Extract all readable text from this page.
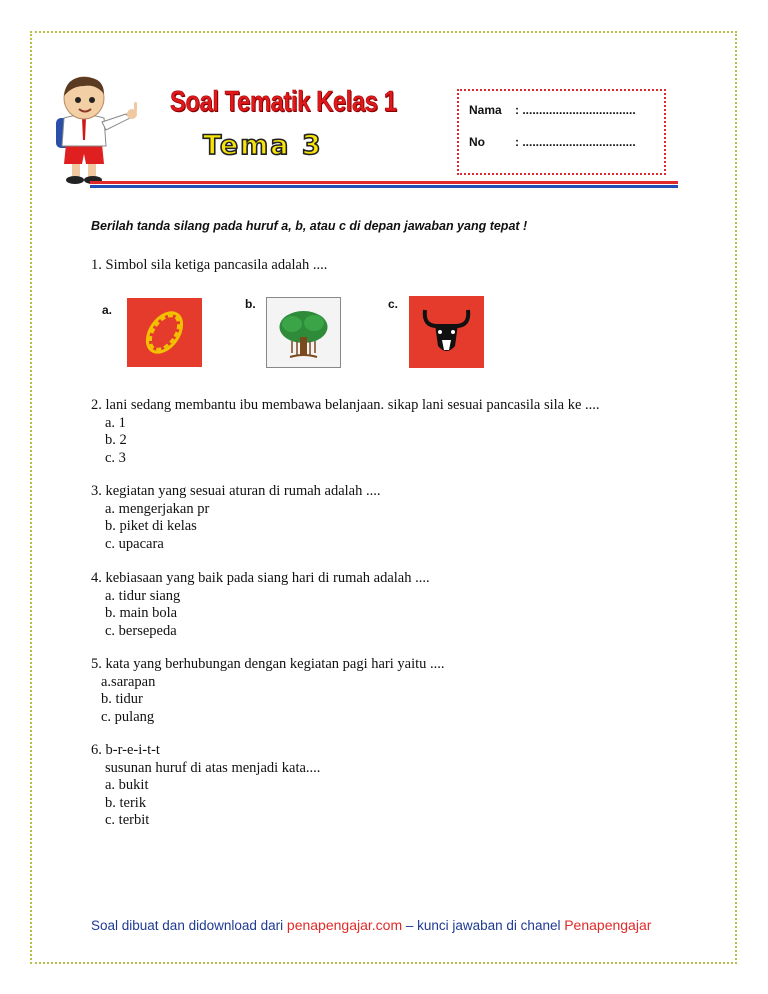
Soal Tematik Kelas 1
Tema 3
Nama : ..................................
No	: ..................................
Berilah tanda silang pada huruf a, b, atau c di depan jawaban yang tepat !
1. Simbol sila ketiga pancasila adalah ....
a.	b.	c.
2. lani sedang membantu ibu membawa belanjaan. sikap lani sesuai pancasila sila ke ....
a. 1
b. 2
c. 3
3. kegiatan yang sesuai aturan di rumah adalah ....
a. mengerjakan pr
b. piket di kelas
c. upacara
4. kebiasaan yang baik pada siang hari di rumah adalah ....
a. tidur siang
b. main bola
c. bersepeda
5. kata yang berhubungan dengan kegiatan pagi hari yaitu ....
a.sarapan
b. tidur
c. pulang
6. b-r-e-i-t-t
susunan huruf di atas menjadi kata....
a. bukit
b. terik
c. terbit
Soal dibuat dan didownload dari penapengajar.com – kunci jawaban di chanel Penapengajar
